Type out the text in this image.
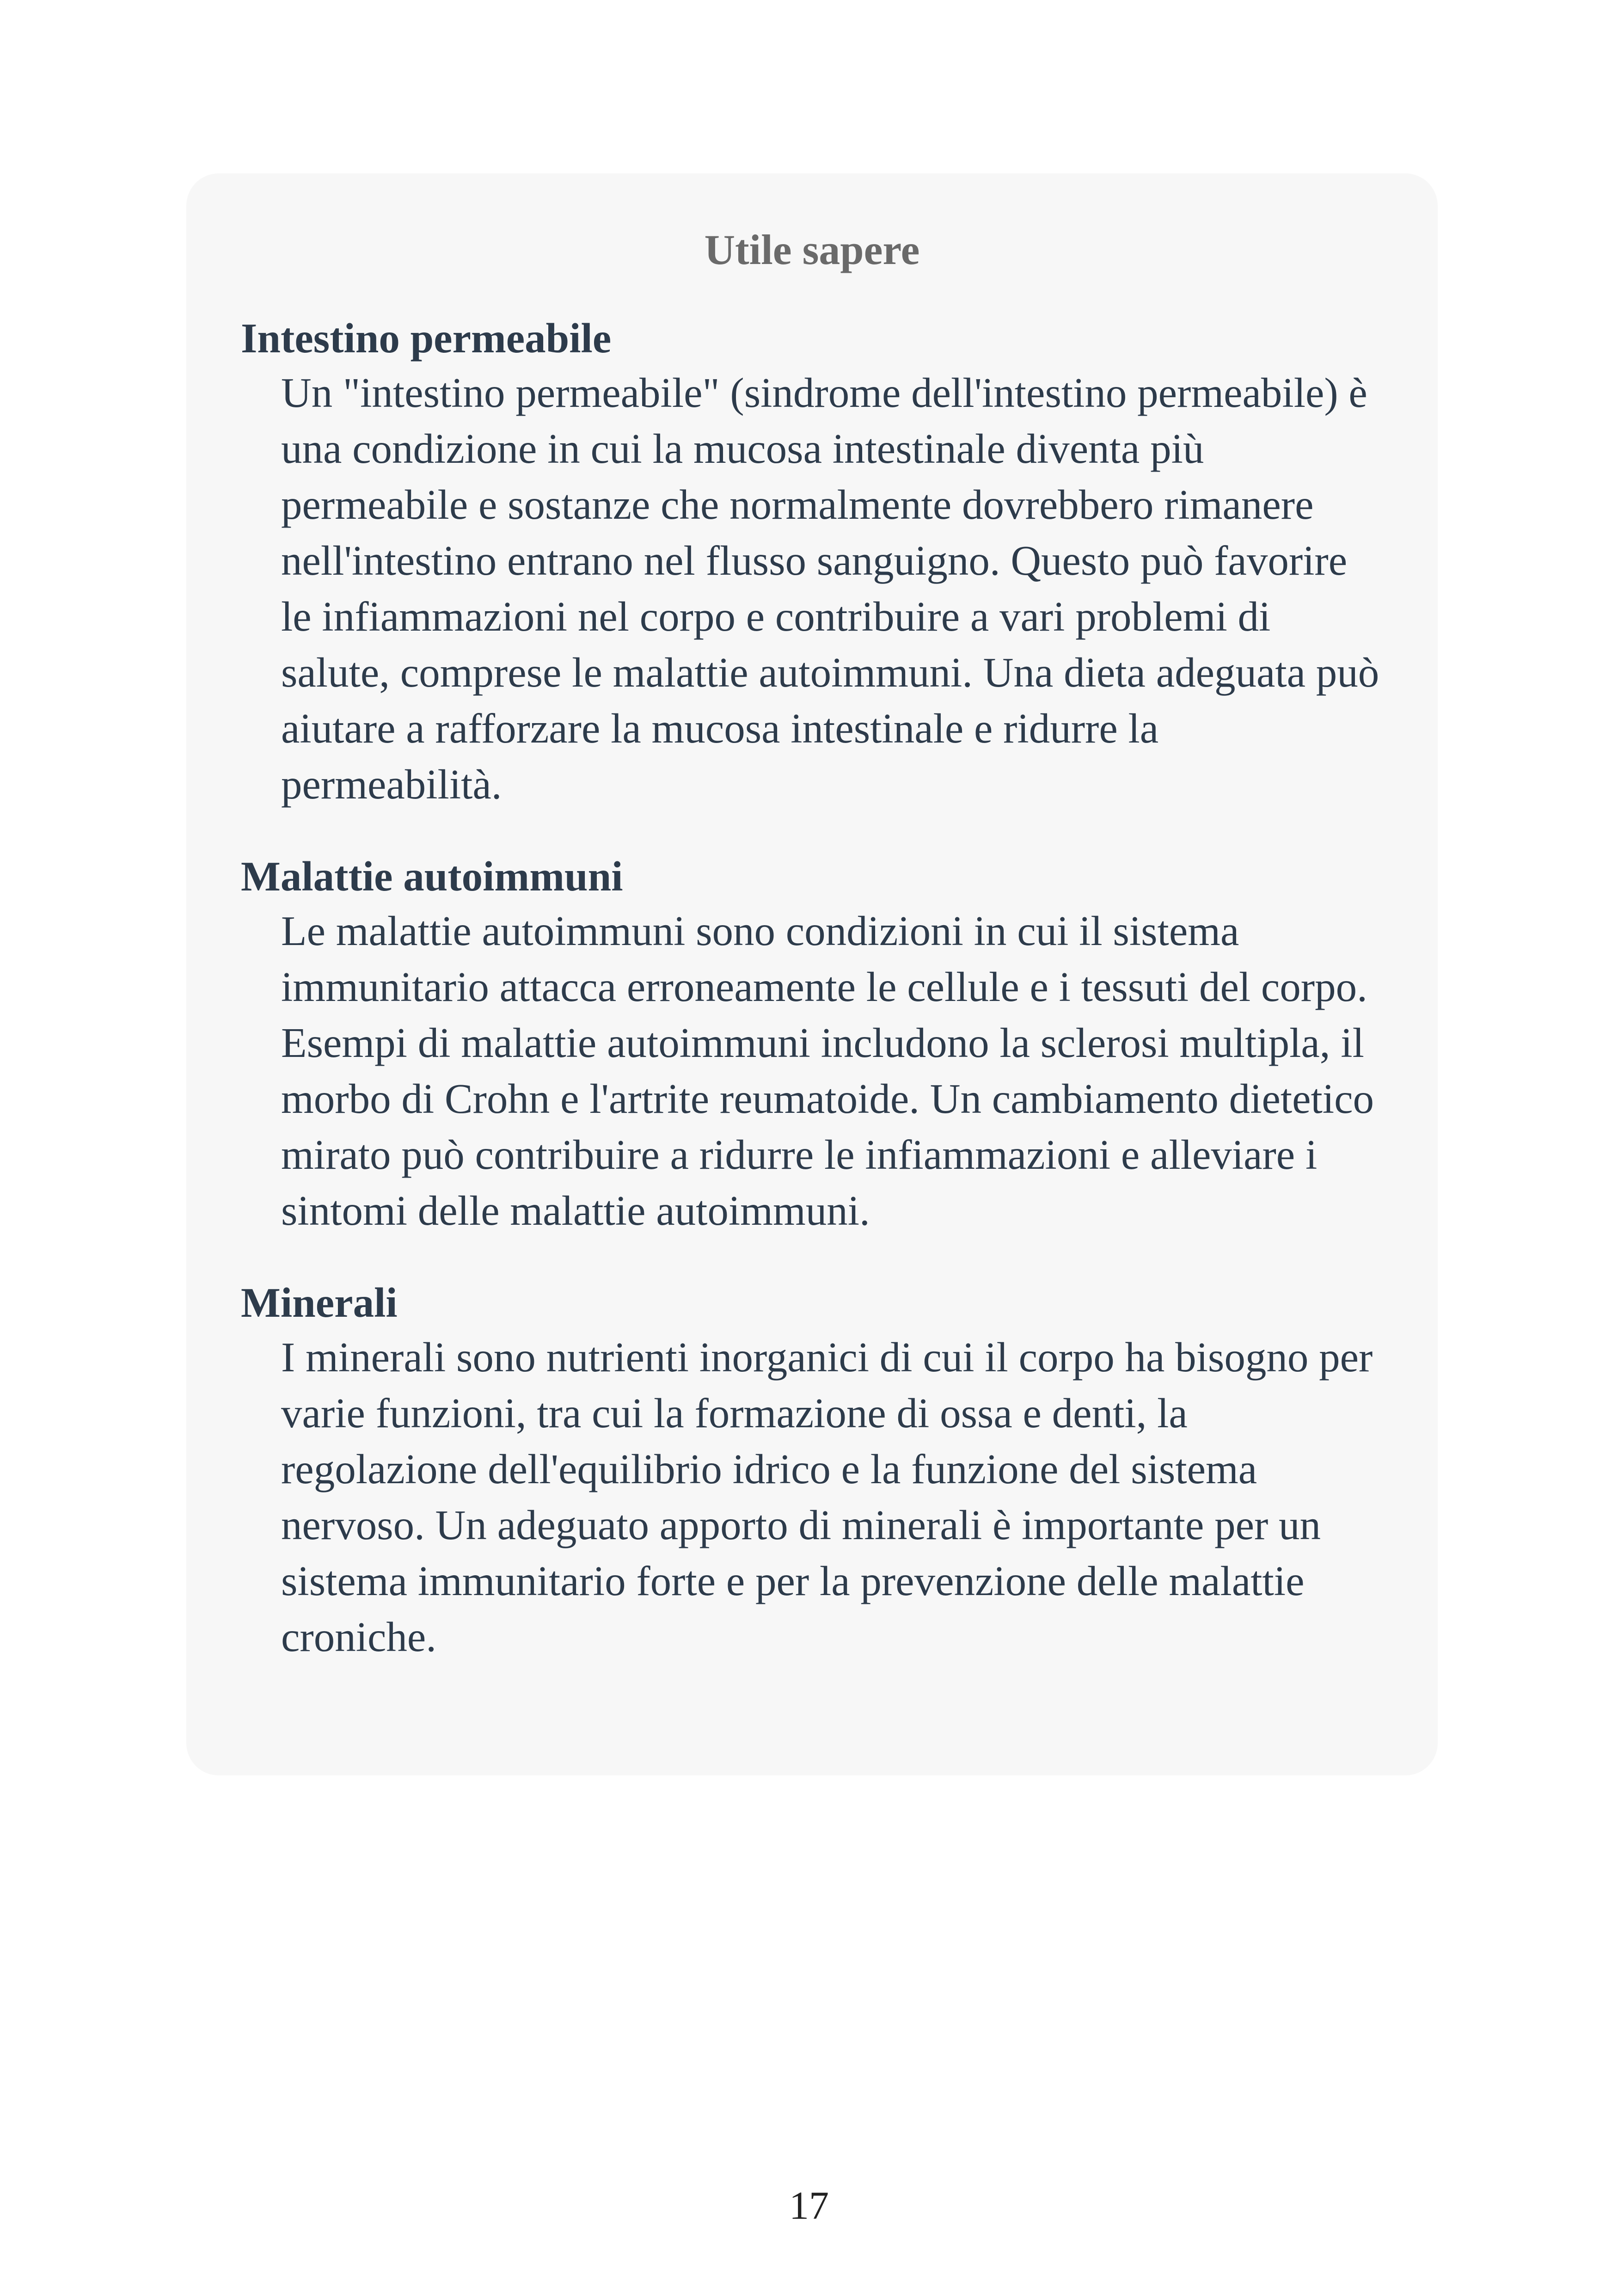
Utile sapere
Intestino permeabile
Un "intestino permeabile" (sindrome dell'intestino permeabile) è una condizione in cui la mucosa intestinale diventa più permeabile e sostanze che normalmente dovrebbero rimanere nell'intestino entrano nel flusso sanguigno. Questo può favorire le infiammazioni nel corpo e contribuire a vari problemi di salute, comprese le malattie autoimmuni. Una dieta adeguata può aiutare a rafforzare la mucosa intestinale e ridurre la permeabilità.
Malattie autoimmuni
Le malattie autoimmuni sono condizioni in cui il sistema immunitario attacca erroneamente le cellule e i tessuti del corpo. Esempi di malattie autoimmuni includono la sclerosi multipla, il morbo di Crohn e l'artrite reumatoide. Un cambiamento dietetico mirato può contribuire a ridurre le infiammazioni e alleviare i sintomi delle malattie autoimmuni.
Minerali
I minerali sono nutrienti inorganici di cui il corpo ha bisogno per varie funzioni, tra cui la formazione di ossa e denti, la regolazione dell'equilibrio idrico e la funzione del sistema nervoso. Un adeguato apporto di minerali è importante per un sistema immunitario forte e per la prevenzione delle malattie croniche.
17
